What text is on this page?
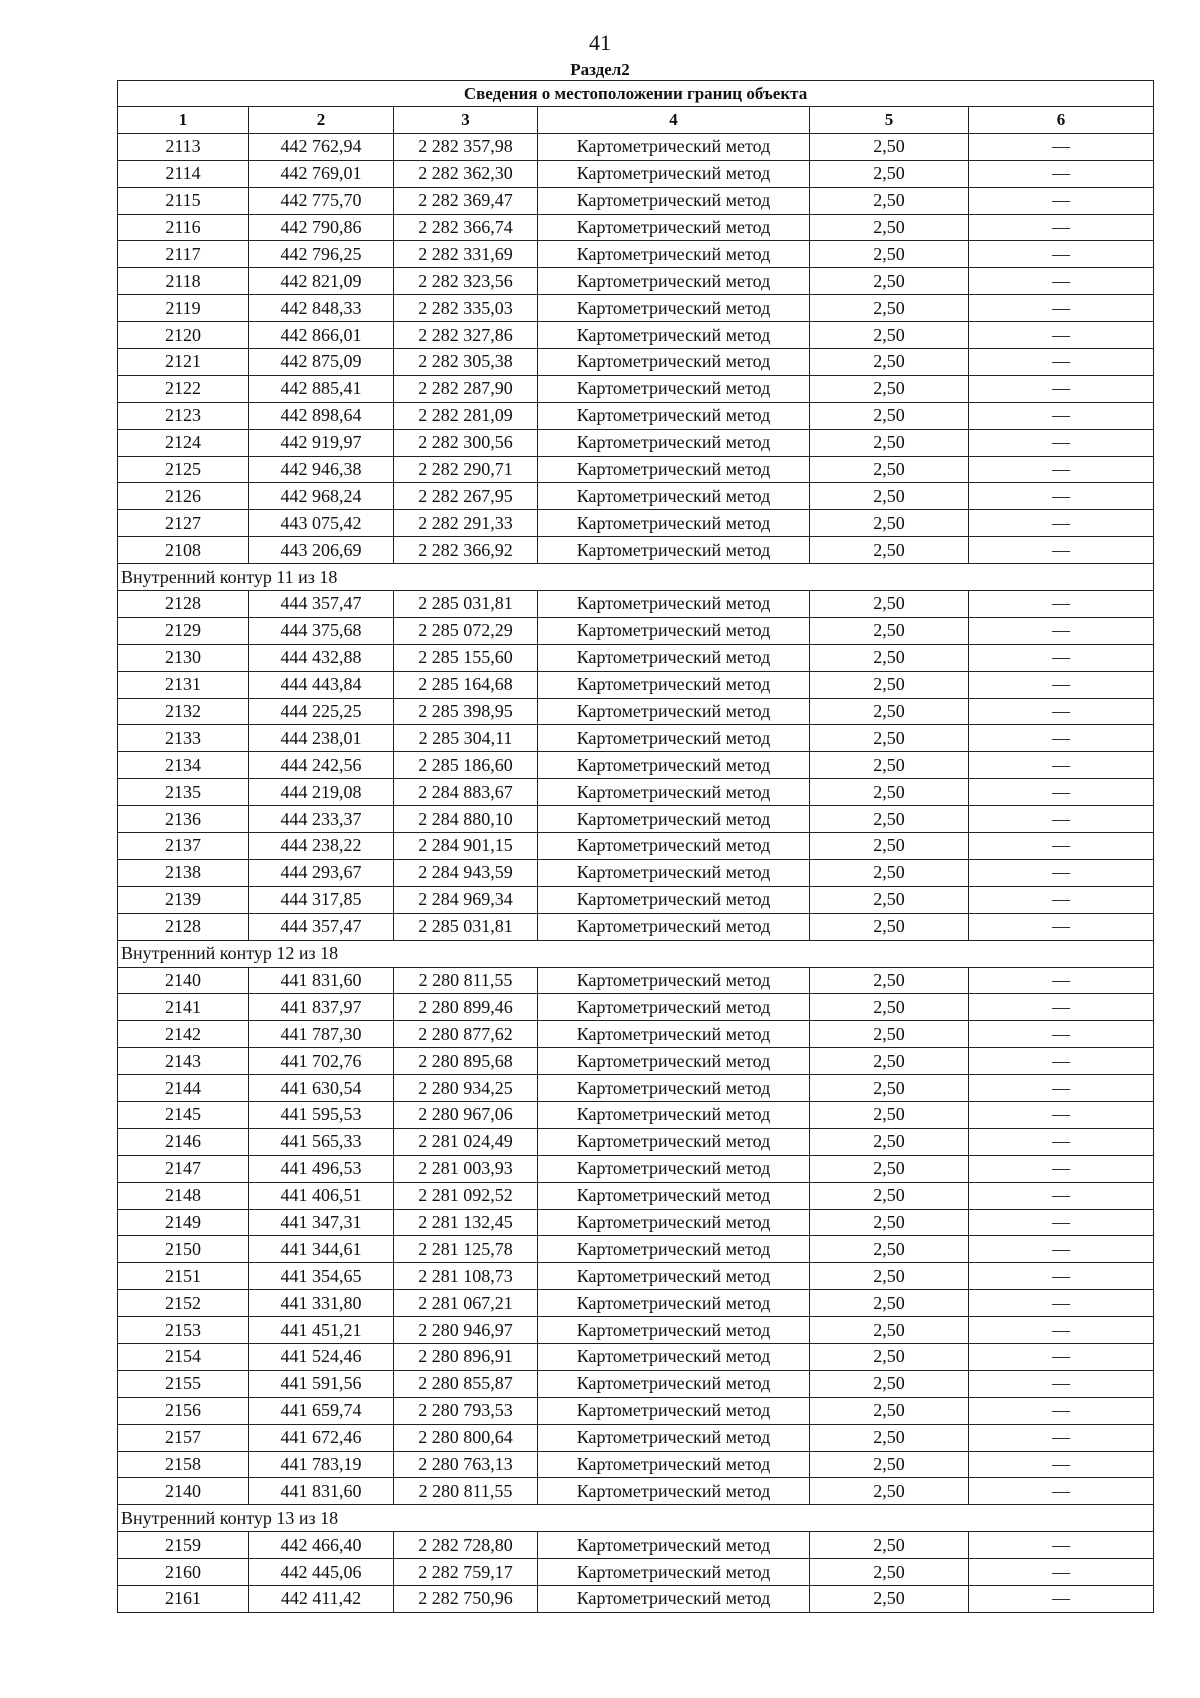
41
Раздел2
Сведения о местоположении границ объекта					
1	2	3	4	5	6
2113	442 762,94	2 282 357,98	Картометрический метод	2,50	—
2114	442 769,01	2 282 362,30	Картометрический метод	2,50	—
2115	442 775,70	2 282 369,47	Картометрический метод	2,50	—
2116	442 790,86	2 282 366,74	Картометрический метод	2,50	—
2117	442 796,25	2 282 331,69	Картометрический метод	2,50	—
2118	442 821,09	2 282 323,56	Картометрический метод	2,50	—
2119	442 848,33	2 282 335,03	Картометрический метод	2,50	—
2120	442 866,01	2 282 327,86	Картометрический метод	2,50	—
2121	442 875,09	2 282 305,38	Картометрический метод	2,50	—
2122	442 885,41	2 282 287,90	Картометрический метод	2,50	—
2123	442 898,64	2 282 281,09	Картометрический метод	2,50	—
2124	442 919,97	2 282 300,56	Картометрический метод	2,50	—
2125	442 946,38	2 282 290,71	Картометрический метод	2,50	—
2126	442 968,24	2 282 267,95	Картометрический метод	2,50	—
2127	443 075,42	2 282 291,33	Картометрический метод	2,50	—
2108	443 206,69	2 282 366,92	Картометрический метод	2,50	—
Внутренний контур 11 из 18					
2128	444 357,47	2 285 031,81	Картометрический метод	2,50	—
2129	444 375,68	2 285 072,29	Картометрический метод	2,50	—
2130	444 432,88	2 285 155,60	Картометрический метод	2,50	—
2131	444 443,84	2 285 164,68	Картометрический метод	2,50	—
2132	444 225,25	2 285 398,95	Картометрический метод	2,50	—
2133	444 238,01	2 285 304,11	Картометрический метод	2,50	—
2134	444 242,56	2 285 186,60	Картометрический метод	2,50	—
2135	444 219,08	2 284 883,67	Картометрический метод	2,50	—
2136	444 233,37	2 284 880,10	Картометрический метод	2,50	—
2137	444 238,22	2 284 901,15	Картометрический метод	2,50	—
2138	444 293,67	2 284 943,59	Картометрический метод	2,50	—
2139	444 317,85	2 284 969,34	Картометрический метод	2,50	—
2128	444 357,47	2 285 031,81	Картометрический метод	2,50	—
Внутренний контур 12 из 18					
2140	441 831,60	2 280 811,55	Картометрический метод	2,50	—
2141	441 837,97	2 280 899,46	Картометрический метод	2,50	—
2142	441 787,30	2 280 877,62	Картометрический метод	2,50	—
2143	441 702,76	2 280 895,68	Картометрический метод	2,50	—
2144	441 630,54	2 280 934,25	Картометрический метод	2,50	—
2145	441 595,53	2 280 967,06	Картометрический метод	2,50	—
2146	441 565,33	2 281 024,49	Картометрический метод	2,50	—
2147	441 496,53	2 281 003,93	Картометрический метод	2,50	—
2148	441 406,51	2 281 092,52	Картометрический метод	2,50	—
2149	441 347,31	2 281 132,45	Картометрический метод	2,50	—
2150	441 344,61	2 281 125,78	Картометрический метод	2,50	—
2151	441 354,65	2 281 108,73	Картометрический метод	2,50	—
2152	441 331,80	2 281 067,21	Картометрический метод	2,50	—
2153	441 451,21	2 280 946,97	Картометрический метод	2,50	—
2154	441 524,46	2 280 896,91	Картометрический метод	2,50	—
2155	441 591,56	2 280 855,87	Картометрический метод	2,50	—
2156	441 659,74	2 280 793,53	Картометрический метод	2,50	—
2157	441 672,46	2 280 800,64	Картометрический метод	2,50	—
2158	441 783,19	2 280 763,13	Картометрический метод	2,50	—
2140	441 831,60	2 280 811,55	Картометрический метод	2,50	—
Внутренний контур 13 из 18					
2159	442 466,40	2 282 728,80	Картометрический метод	2,50	—
2160	442 445,06	2 282 759,17	Картометрический метод	2,50	—
2161	442 411,42	2 282 750,96	Картометрический метод	2,50	—
